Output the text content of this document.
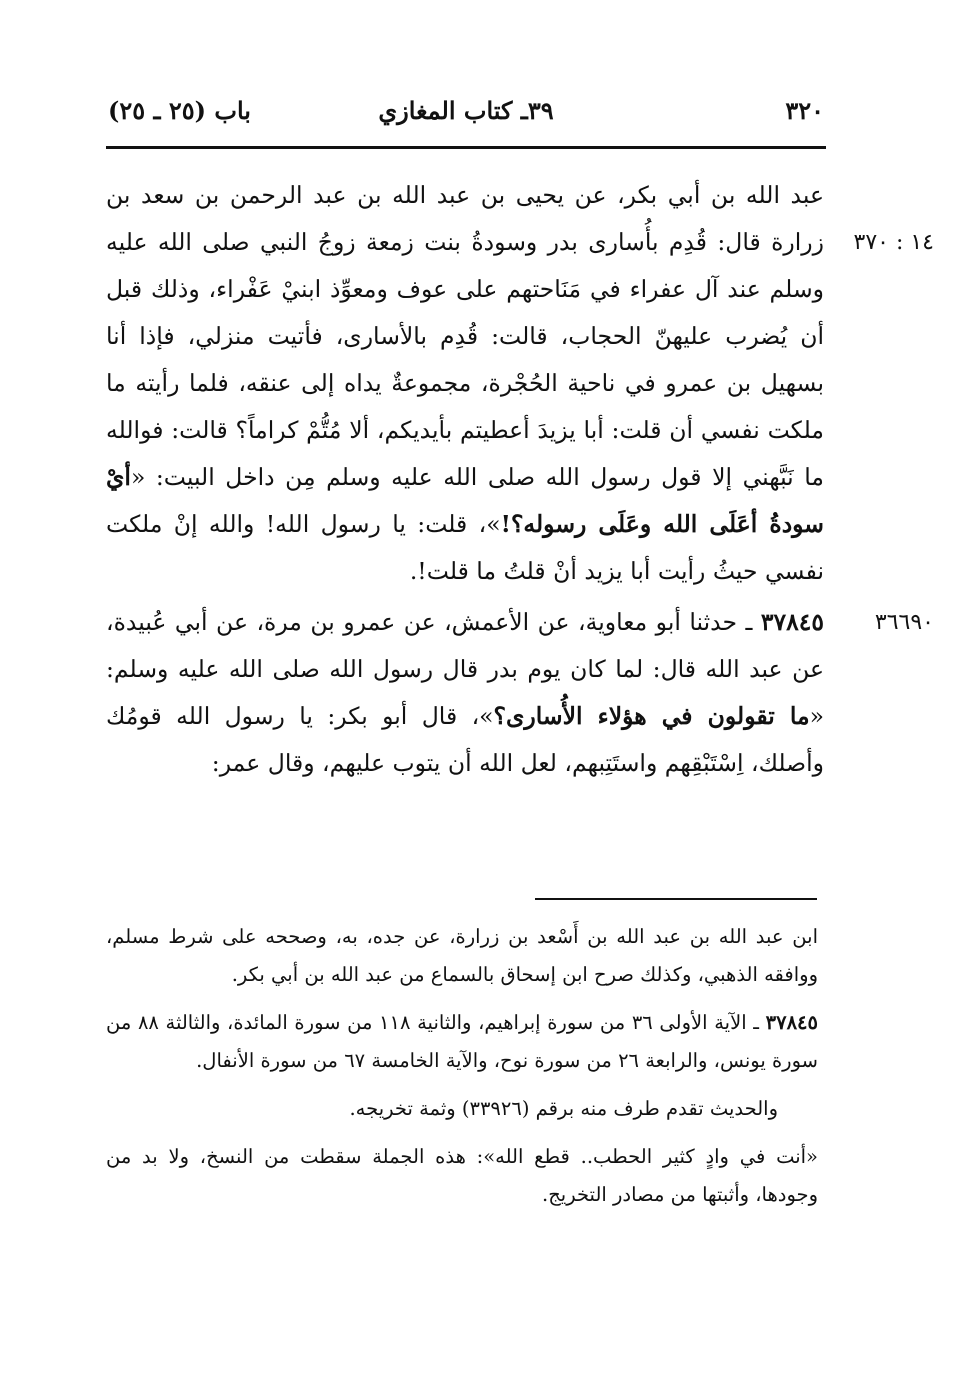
٣٢٠
٣٩ـ كتاب المغازي
باب (٢٥ ـ ٢٥)

١٤ : ٣٧٠
عبد الله بن أبي بكر، عن يحيى بن عبد الله بن عبد الرحمن بن سعد بن زرارة قال: قُدِم بأُسارى بدر وسودةُ بنت زمعة زوجُ النبي صلى الله عليه وسلم عند آل عفراء في مَنَاحتهم على عوف ومعوِّذ ابنيْ عَفْراء، وذلك قبل أن يُضرب عليهنّ الحجاب، قالت: قُدِم بالأسارى، فأتيت منزلي، فإذا أنا بسهيل بن عمرو في ناحية الحُجْرة، مجموعةٌ يداه إلى عنقه، فلما رأيته ما ملكت نفسي أن قلت: أبا يزيدَ أعطيتم بأيديكم، ألا مُتُّمْ كراماً؟ قالت: فوالله ما نَبَّهني إلا قول رسول الله صلى الله عليه وسلم مِن داخل البيت: «أيْ سودةُ أعَلَى الله وعَلَى رسوله؟!»، قلت: يا رسول الله! والله إنْ ملكت نفسي حيثُ رأيت أبا يزيد أنْ قلتُ ما قلت!.

٣٦٦٩٠
٣٧٨٤٥ ـ حدثنا أبو معاوية، عن الأعمش، عن عمرو بن مرة، عن أبي عُبيدة، عن عبد الله قال: لما كان يوم بدر قال رسول الله صلى الله عليه وسلم: «ما تقولون في هؤلاء الأُسارى؟»، قال أبو بكر: يا رسول الله قومُك وأصلك، اِسْتَبْقِهم واستَتِبهم، لعل الله أن يتوب عليهم، وقال عمر:

ابن عبد الله بن عبد الله بن أَسْعد بن زرارة، عن جده، به، وصححه على شرط مسلم، ووافقه الذهبي، وكذلك صرح ابن إسحاق بالسماع من عبد الله بن أبي بكر.

٣٧٨٤٥ ـ الآية الأولى ٣٦ من سورة إبراهيم، والثانية ١١٨ من سورة المائدة، والثالثة ٨٨ من سورة يونس، والرابعة ٢٦ من سورة نوح، والآية الخامسة ٦٧ من سورة الأنفال.

والحديث تقدم طرف منه برقم (٣٣٩٢٦) وثمة تخريجه.

«أنت في وادٍ كثير الحطب.. قطع الله»: هذه الجملة سقطت من النسخ، ولا بد من وجودها، وأثبتها من مصادر التخريج.
